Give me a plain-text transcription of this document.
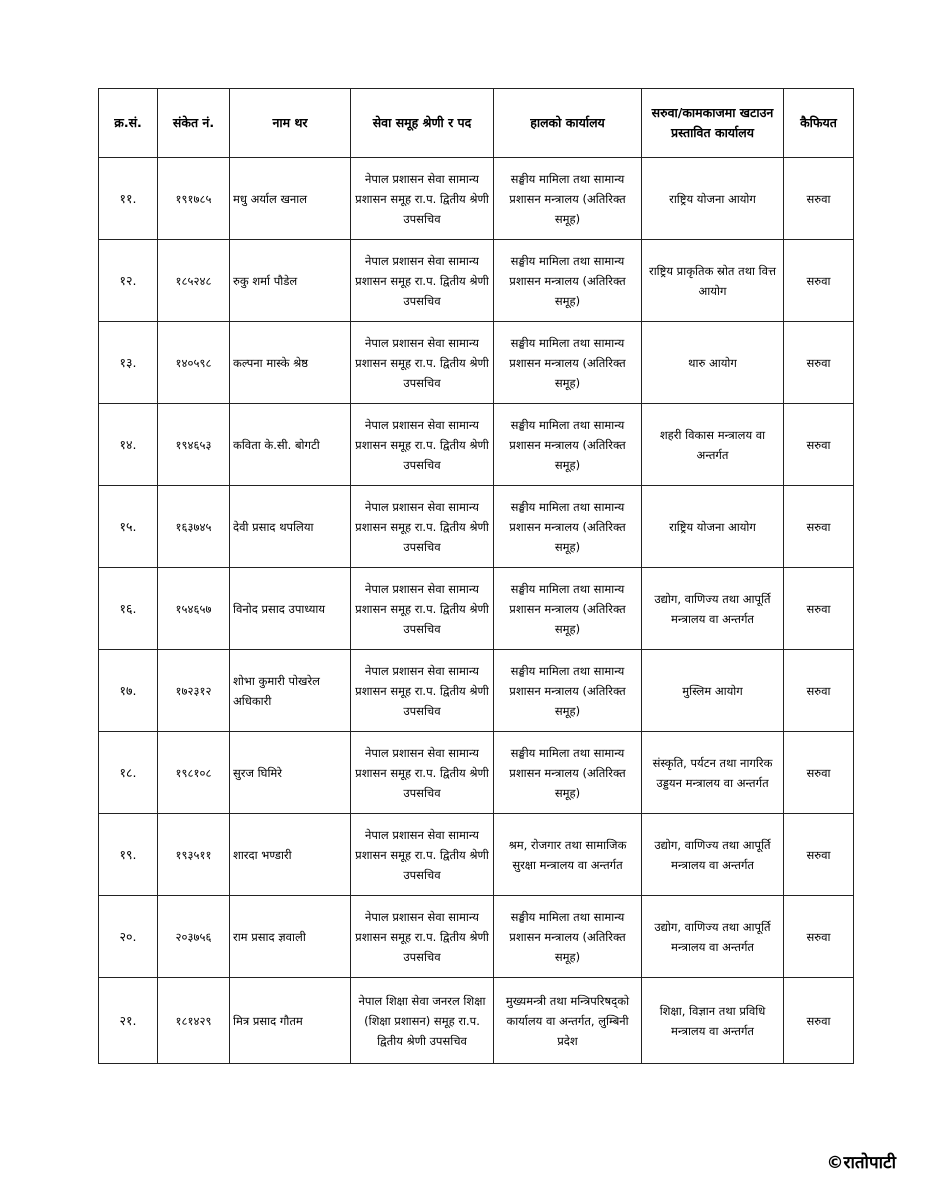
क्र.सं.	संकेत नं.	नाम थर	सेवा समूह श्रेणी र पद	हालको कार्यालय	सरुवा/कामकाजमा खटाउन प्रस्तावित कार्यालय	कैफियत
११.	१९१७८५	मधु अर्याल खनाल	नेपाल प्रशासन सेवा सामान्य प्रशासन समूह रा.प. द्वितीय श्रेणी उपसचिव	सङ्घीय मामिला तथा सामान्य प्रशासन मन्त्रालय (अतिरिक्त समूह)	राष्ट्रिय योजना आयोग	सरुवा
१२.	१८५२४८	रुकु शर्मा पौडेल	नेपाल प्रशासन सेवा सामान्य प्रशासन समूह रा.प. द्वितीय श्रेणी उपसचिव	सङ्घीय मामिला तथा सामान्य प्रशासन मन्त्रालय (अतिरिक्त समूह)	राष्ट्रिय प्राकृतिक स्रोत तथा वित्त आयोग	सरुवा
१३.	१४०५९८	कल्पना मास्के श्रेष्ठ	नेपाल प्रशासन सेवा सामान्य प्रशासन समूह रा.प. द्वितीय श्रेणी उपसचिव	सङ्घीय मामिला तथा सामान्य प्रशासन मन्त्रालय (अतिरिक्त समूह)	थारु आयोग	सरुवा
१४.	१९४६५३	कविता के.सी. बोगटी	नेपाल प्रशासन सेवा सामान्य प्रशासन समूह रा.प. द्वितीय श्रेणी उपसचिव	सङ्घीय मामिला तथा सामान्य प्रशासन मन्त्रालय (अतिरिक्त समूह)	शहरी विकास मन्त्रालय वा अन्तर्गत	सरुवा
१५.	१६३७४५	देवी प्रसाद थपलिया	नेपाल प्रशासन सेवा सामान्य प्रशासन समूह रा.प. द्वितीय श्रेणी उपसचिव	सङ्घीय मामिला तथा सामान्य प्रशासन मन्त्रालय (अतिरिक्त समूह)	राष्ट्रिय योजना आयोग	सरुवा
१६.	१५४६५७	विनोद प्रसाद उपाध्याय	नेपाल प्रशासन सेवा सामान्य प्रशासन समूह रा.प. द्वितीय श्रेणी उपसचिव	सङ्घीय मामिला तथा सामान्य प्रशासन मन्त्रालय (अतिरिक्त समूह)	उद्योग, वाणिज्य तथा आपूर्ति मन्त्रालय वा अन्तर्गत	सरुवा
१७.	१७२३१२	शोभा कुमारी पोखरेल अधिकारी	नेपाल प्रशासन सेवा सामान्य प्रशासन समूह रा.प. द्वितीय श्रेणी उपसचिव	सङ्घीय मामिला तथा सामान्य प्रशासन मन्त्रालय (अतिरिक्त समूह)	मुस्लिम आयोग	सरुवा
१८.	१९८१०८	सुरज घिमिरे	नेपाल प्रशासन सेवा सामान्य प्रशासन समूह रा.प. द्वितीय श्रेणी उपसचिव	सङ्घीय मामिला तथा सामान्य प्रशासन मन्त्रालय (अतिरिक्त समूह)	संस्कृति, पर्यटन तथा नागरिक उड्डयन मन्त्रालय वा अन्तर्गत	सरुवा
१९.	१९३५११	शारदा भण्डारी	नेपाल प्रशासन सेवा सामान्य प्रशासन समूह रा.प. द्वितीय श्रेणी उपसचिव	श्रम, रोजगार तथा सामाजिक सुरक्षा मन्त्रालय वा अन्तर्गत	उद्योग, वाणिज्य तथा आपूर्ति मन्त्रालय वा अन्तर्गत	सरुवा
२०.	२०३७५६	राम प्रसाद ज्ञवाली	नेपाल प्रशासन सेवा सामान्य प्रशासन समूह रा.प. द्वितीय श्रेणी उपसचिव	सङ्घीय मामिला तथा सामान्य प्रशासन मन्त्रालय (अतिरिक्त समूह)	उद्योग, वाणिज्य तथा आपूर्ति मन्त्रालय वा अन्तर्गत	सरुवा
२१.	१८१४२९	मित्र प्रसाद गौतम	नेपाल शिक्षा सेवा जनरल शिक्षा (शिक्षा प्रशासन) समूह रा.प. द्वितीय श्रेणी उपसचिव	मुख्यमन्त्री तथा मन्त्रिपरिषद्को कार्यालय वा अन्तर्गत, लुम्बिनी प्रदेश	शिक्षा, विज्ञान तथा प्रविधि मन्त्रालय वा अन्तर्गत	सरुवा
©रातोपाटी
